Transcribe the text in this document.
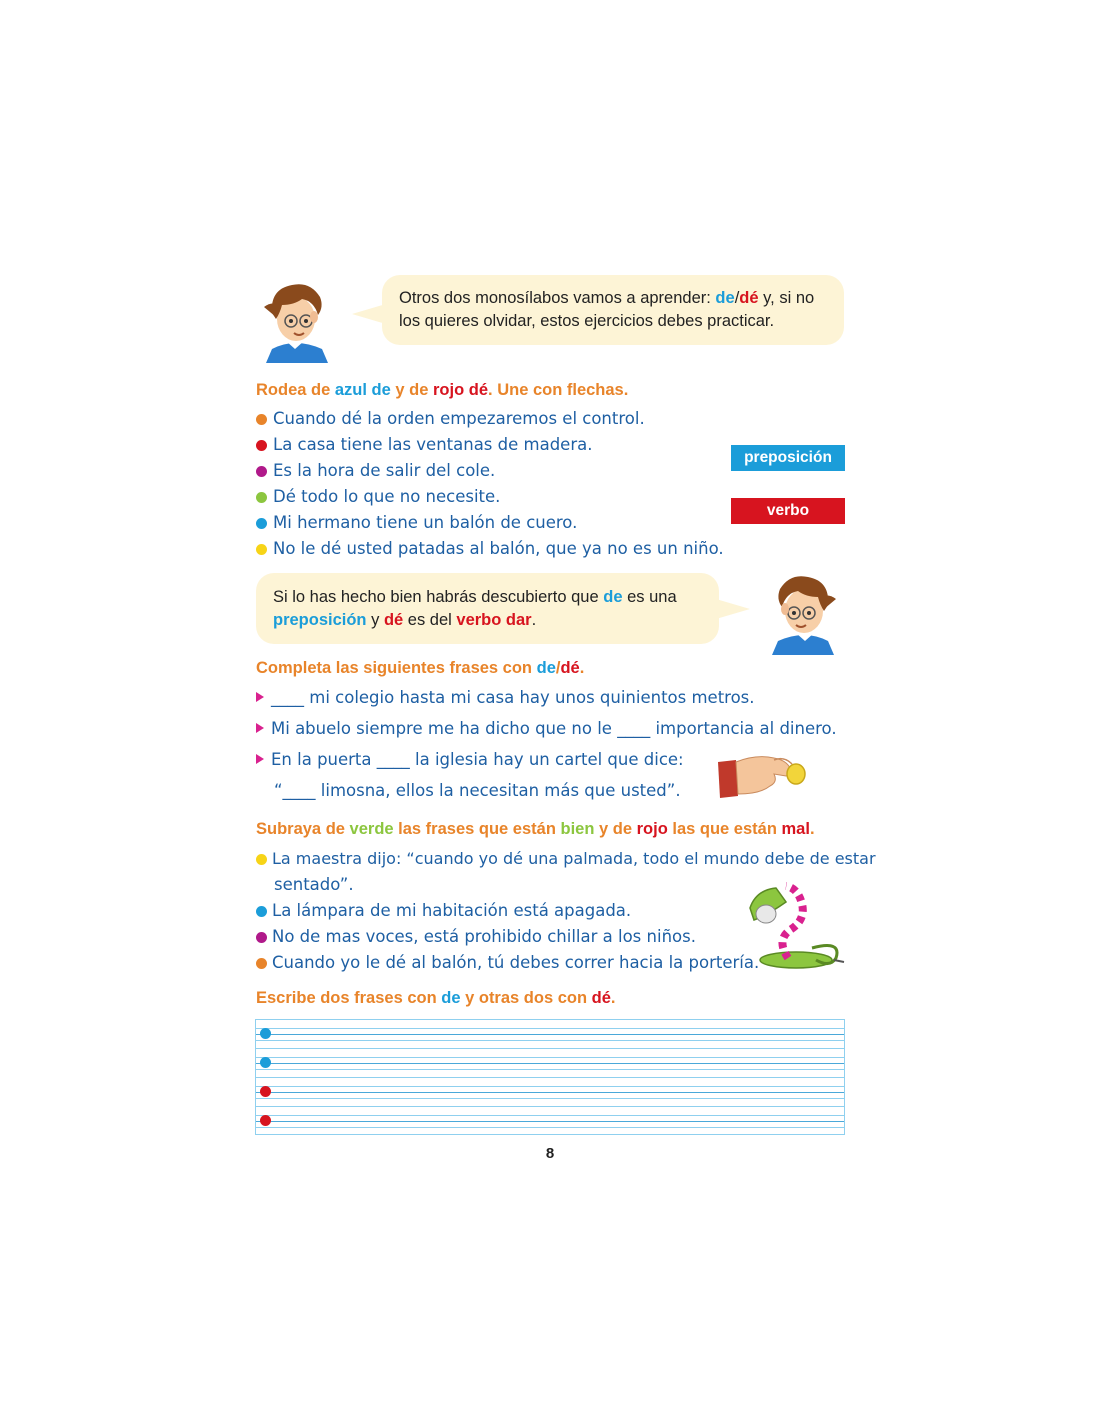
Otros dos monosílabos vamos a aprender: de/dé y, si no
los quieres olvidar, estos ejercicios debes practicar.
Rodea de azul de y de rojo dé. Une con flechas.
Cuando dé la orden empezaremos el control.
La casa tiene las ventanas de madera.
Es la hora de salir del cole.
Dé todo lo que no necesite.
Mi hermano tiene un balón de cuero.
No le dé usted patadas al balón, que ya no es un niño.
preposición
verbo
Si lo has hecho bien habrás descubierto que de es una
preposición y dé es del verbo dar.
Completa las siguientes frases con de/dé.
____ mi colegio hasta mi casa hay unos quinientos metros.
Mi abuelo siempre me ha dicho que no le ____ importancia al dinero.
En la puerta ____ la iglesia hay un cartel que dice:
“____ limosna, ellos la necesitan más que usted”.
Subraya de verde las frases que están bien y de rojo las que están mal.
La maestra dijo: “cuando yo dé una palmada, todo el mundo debe de estar
sentado”.
La lámpara de mi habitación está apagada.
No de mas voces, está prohibido chillar a los niños.
Cuando yo le dé al balón, tú debes correr hacia la portería.
Escribe dos frases con de y otras dos con dé.
8
